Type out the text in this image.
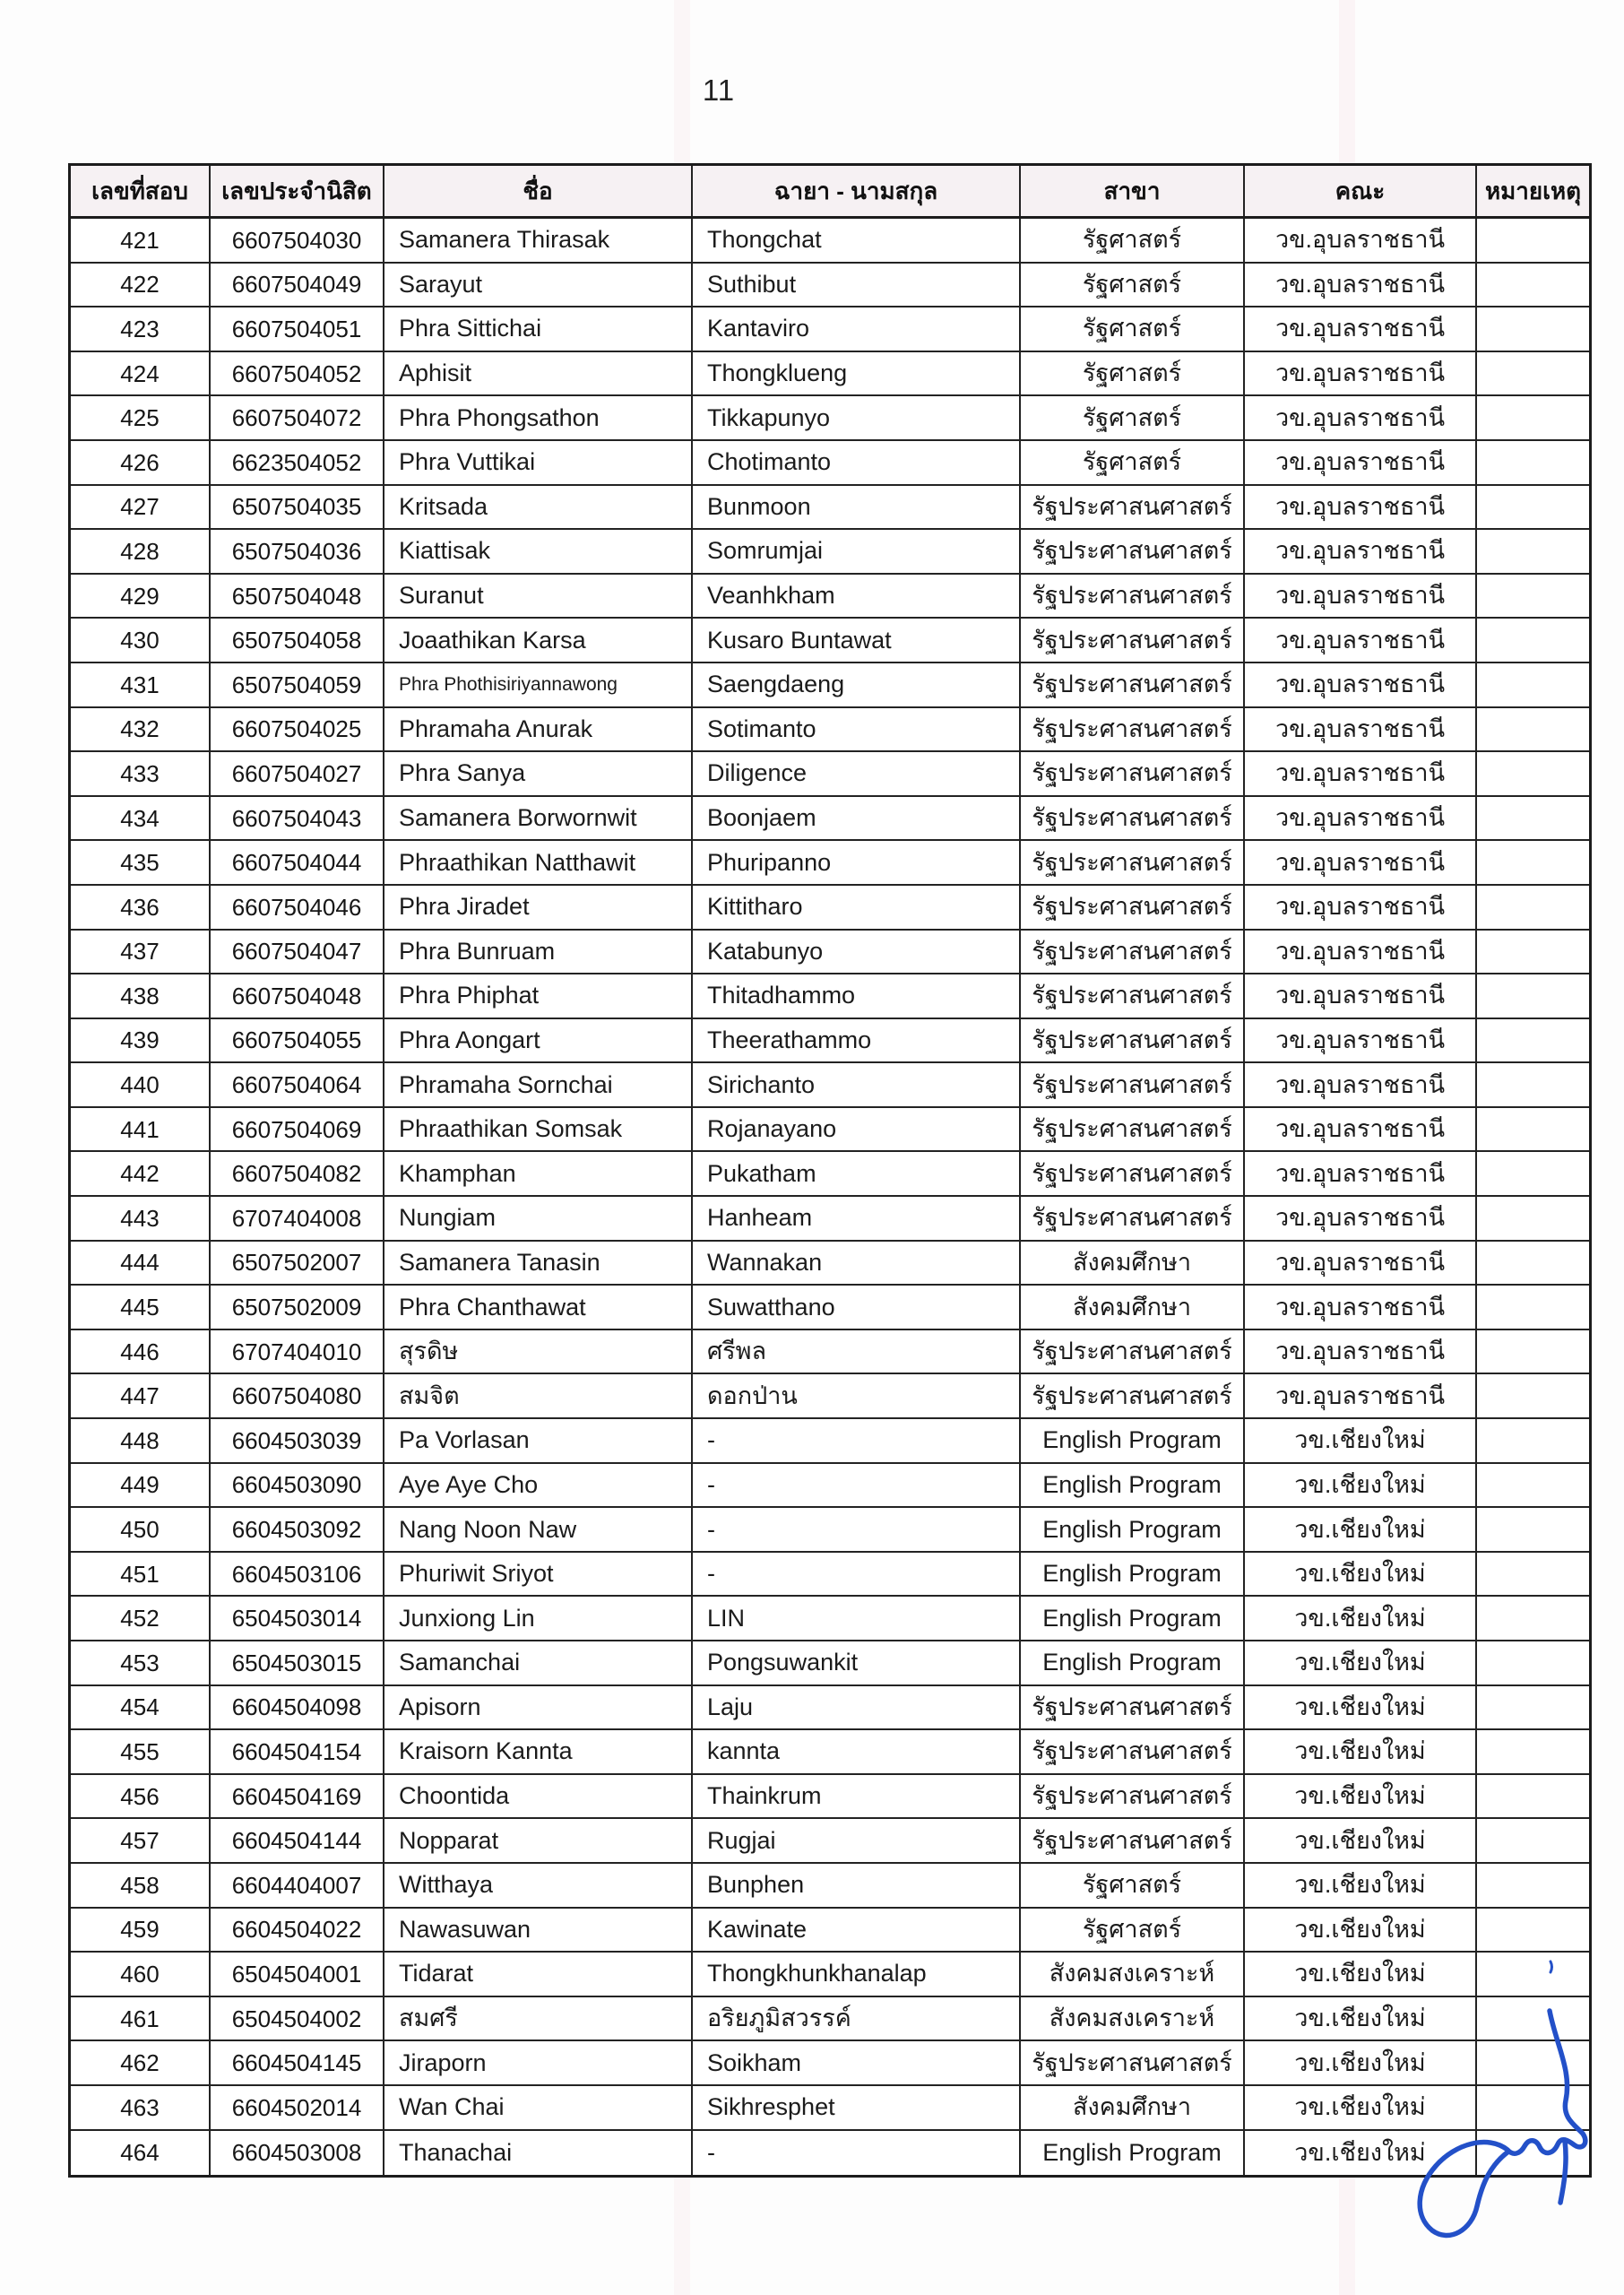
11
เลขที่สอบ	เลขประจำนิสิต	ชื่อ	ฉายา - นามสกุล	สาขา	คณะ	หมายเหตุ
421	6607504030	Samanera Thirasak	Thongchat	รัฐศาสตร์	วข.อุบลราชธานี
422	6607504049	Sarayut	Suthibut	รัฐศาสตร์	วข.อุบลราชธานี
423	6607504051	Phra Sittichai	Kantaviro	รัฐศาสตร์	วข.อุบลราชธานี
424	6607504052	Aphisit	Thongklueng	รัฐศาสตร์	วข.อุบลราชธานี
425	6607504072	Phra Phongsathon	Tikkapunyo	รัฐศาสตร์	วข.อุบลราชธานี
426	6623504052	Phra Vuttikai	Chotimanto	รัฐศาสตร์	วข.อุบลราชธานี
427	6507504035	Kritsada	Bunmoon	รัฐประศาสนศาสตร์	วข.อุบลราชธานี
428	6507504036	Kiattisak	Somrumjai	รัฐประศาสนศาสตร์	วข.อุบลราชธานี
429	6507504048	Suranut	Veanhkham	รัฐประศาสนศาสตร์	วข.อุบลราชธานี
430	6507504058	Joaathikan Karsa	Kusaro Buntawat	รัฐประศาสนศาสตร์	วข.อุบลราชธานี
431	6507504059	Phra Phothisiriyannawong	Saengdaeng	รัฐประศาสนศาสตร์	วข.อุบลราชธานี
432	6607504025	Phramaha Anurak	Sotimanto	รัฐประศาสนศาสตร์	วข.อุบลราชธานี
433	6607504027	Phra Sanya	Diligence	รัฐประศาสนศาสตร์	วข.อุบลราชธานี
434	6607504043	Samanera Borwornwit	Boonjaem	รัฐประศาสนศาสตร์	วข.อุบลราชธานี
435	6607504044	Phraathikan Natthawit	Phuripanno	รัฐประศาสนศาสตร์	วข.อุบลราชธานี
436	6607504046	Phra Jiradet	Kittitharo	รัฐประศาสนศาสตร์	วข.อุบลราชธานี
437	6607504047	Phra Bunruam	Katabunyo	รัฐประศาสนศาสตร์	วข.อุบลราชธานี
438	6607504048	Phra Phiphat	Thitadhammo	รัฐประศาสนศาสตร์	วข.อุบลราชธานี
439	6607504055	Phra Aongart	Theerathammo	รัฐประศาสนศาสตร์	วข.อุบลราชธานี
440	6607504064	Phramaha Sornchai	Sirichanto	รัฐประศาสนศาสตร์	วข.อุบลราชธานี
441	6607504069	Phraathikan Somsak	Rojanayano	รัฐประศาสนศาสตร์	วข.อุบลราชธานี
442	6607504082	Khamphan	Pukatham	รัฐประศาสนศาสตร์	วข.อุบลราชธานี
443	6707404008	Nungiam	Hanheam	รัฐประศาสนศาสตร์	วข.อุบลราชธานี
444	6507502007	Samanera Tanasin	Wannakan	สังคมศึกษา	วข.อุบลราชธานี
445	6507502009	Phra Chanthawat	Suwatthano	สังคมศึกษา	วข.อุบลราชธานี
446	6707404010	สุรดิษ	ศรีพล	รัฐประศาสนศาสตร์	วข.อุบลราชธานี
447	6607504080	สมจิต	ดอกป่าน	รัฐประศาสนศาสตร์	วข.อุบลราชธานี
448	6604503039	Pa Vorlasan	-	English Program	วข.เชียงใหม่
449	6604503090	Aye Aye Cho	-	English Program	วข.เชียงใหม่
450	6604503092	Nang Noon Naw	-	English Program	วข.เชียงใหม่
451	6604503106	Phuriwit Sriyot	-	English Program	วข.เชียงใหม่
452	6504503014	Junxiong Lin	LIN	English Program	วข.เชียงใหม่
453	6504503015	Samanchai	Pongsuwankit	English Program	วข.เชียงใหม่
454	6604504098	Apisorn	Laju	รัฐประศาสนศาสตร์	วข.เชียงใหม่
455	6604504154	Kraisorn Kannta	kannta	รัฐประศาสนศาสตร์	วข.เชียงใหม่
456	6604504169	Choontida	Thainkrum	รัฐประศาสนศาสตร์	วข.เชียงใหม่
457	6604504144	Nopparat	Rugjai	รัฐประศาสนศาสตร์	วข.เชียงใหม่
458	6604404007	Witthaya	Bunphen	รัฐศาสตร์	วข.เชียงใหม่
459	6604504022	Nawasuwan	Kawinate	รัฐศาสตร์	วข.เชียงใหม่
460	6504504001	Tidarat	Thongkhunkhanalap	สังคมสงเคราะห์	วข.เชียงใหม่
461	6504504002	สมศรี	อริยภูมิสวรรค์	สังคมสงเคราะห์	วข.เชียงใหม่
462	6604504145	Jiraporn	Soikham	รัฐประศาสนศาสตร์	วข.เชียงใหม่
463	6604502014	Wan Chai	Sikhresphet	สังคมศึกษา	วข.เชียงใหม่
464	6604503008	Thanachai	-	English Program	วข.เชียงใหม่
